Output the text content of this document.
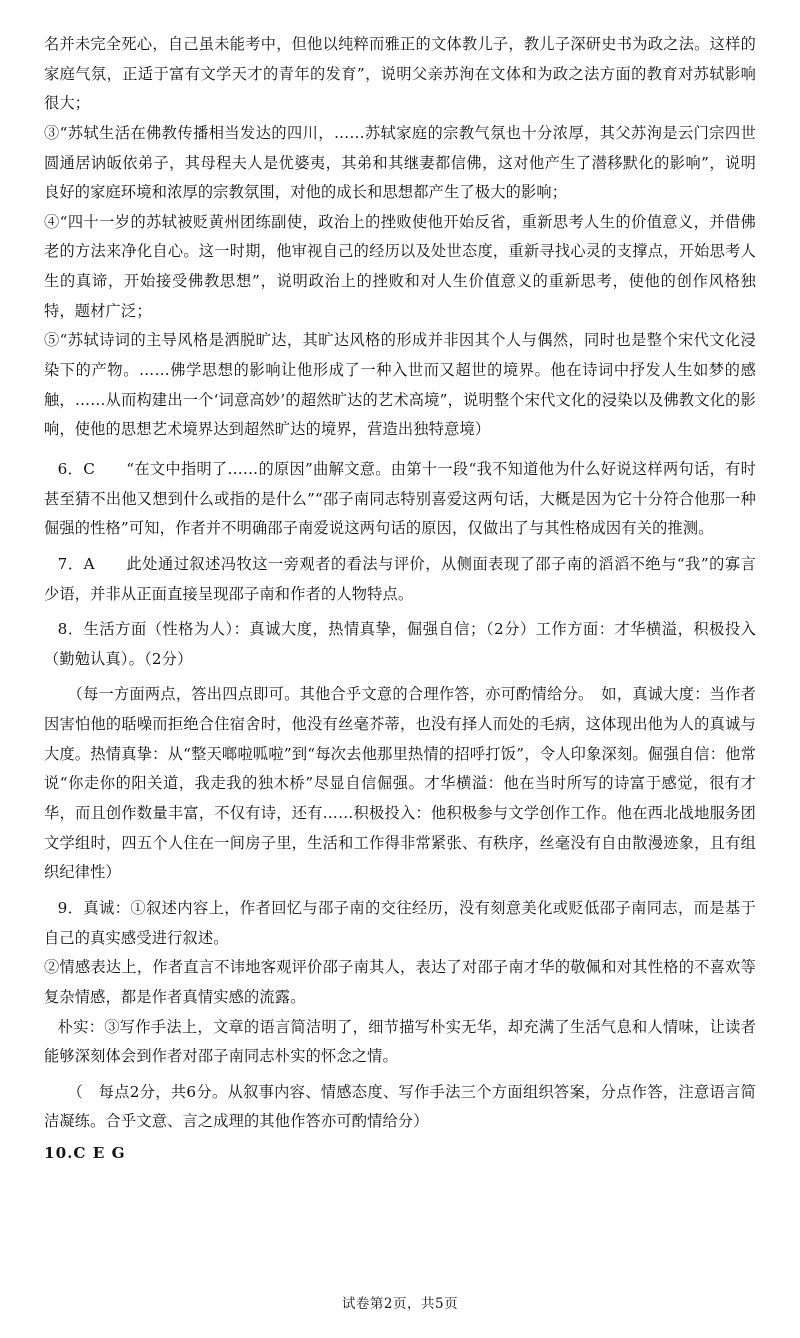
名并未完全死心，自己虽未能考中，但他以纯粹而雅正的文体教儿子，教儿子深研史书为政之法。这样的家庭气氛，正适于富有文学天才的青年的发育”，说明父亲苏洵在文体和为政之法方面的教育对苏轼影响很大；

③“苏轼生活在佛教传播相当发达的四川，……苏轼家庭的宗教气氛也十分浓厚，其父苏洵是云门宗四世圆通居讷皈依弟子，其母程夫人是优婆夷，其弟和其继妻都信佛，这对他产生了潜移默化的影响”，说明良好的家庭环境和浓厚的宗教氛围，对他的成长和思想都产生了极大的影响；

④“四十一岁的苏轼被贬黄州团练副使，政治上的挫败使他开始反省，重新思考人生的价值意义，并借佛老的方法来净化自心。这一时期，他审视自己的经历以及处世态度，重新寻找心灵的支撑点，开始思考人生的真谛，开始接受佛教思想”，说明政治上的挫败和对人生价值意义的重新思考，使他的创作风格独特，题材广泛；

⑤“苏轼诗词的主导风格是洒脱旷达，其旷达风格的形成并非因其个人与偶然，同时也是整个宋代文化浸染下的产物。……佛学思想的影响让他形成了一种入世而又超世的境界。他在诗词中抒发人生如梦的感触，……从而构建出一个‘词意高妙’的超然旷达的艺术高境”，说明整个宋代文化的浸染以及佛教文化的影响，使他的思想艺术境界达到超然旷达的境界，营造出独特意境）

6．C　　“在文中指明了……的原因”曲解文意。由第十一段“我不知道他为什么好说这样两句话，有时甚至猜不出他又想到什么或指的是什么”“邵子南同志特别喜爱这两句话，大概是因为它十分符合他那一种倔强的性格”可知，作者并不明确邵子南爱说这两句话的原因，仅做出了与其性格成因有关的推测。

7．A　　此处通过叙述冯牧这一旁观者的看法与评价，从侧面表现了邵子南的滔滔不绝与“我”的寡言少语，并非从正面直接呈现邵子南和作者的人物特点。

8．生活方面（性格为人）：真诚大度，热情真挚，倔强自信；（2分）工作方面：才华横溢，积极投入（勤勉认真）。（2分）

（每一方面两点，答出四点即可。其他合乎文意的合理作答，亦可酌情给分。　如，真诚大度：当作者因害怕他的聒噪而拒绝合住宿舍时，他没有丝毫芥蒂，也没有择人而处的毛病，这体现出他为人的真诚与大度。热情真挚：从“整天啷啦呱啦”到“每次去他那里热情的招呼打饭”，令人印象深刻。倔强自信：他常说“你走你的阳关道，我走我的独木桥”尽显自信倔强。才华横溢：他在当时所写的诗富于感觉，很有才华，而且创作数量丰富，不仅有诗，还有……积极投入：他积极参与文学创作工作。他在西北战地服务团文学组时，四五个人住在一间房子里，生活和工作得非常紧张、有秩序，丝毫没有自由散漫迹象，且有组织纪律性）

9．真诚：①叙述内容上，作者回忆与邵子南的交往经历，没有刻意美化或贬低邵子南同志，而是基于自己的真实感受进行叙述。

②情感表达上，作者直言不讳地客观评价邵子南其人，表达了对邵子南才华的敬佩和对其性格的不喜欢等复杂情感，都是作者真情实感的流露。

朴实：③写作手法上，文章的语言简洁明了，细节描写朴实无华，却充满了生活气息和人情味，让读者能够深刻体会到作者对邵子南同志朴实的怀念之情。

（　每点2分，共6分。从叙事内容、情感态度、写作手法三个方面组织答案，分点作答，注意语言简洁凝练。合乎文意、言之成理的其他作答亦可酌情给分）

10.C E G
试卷第2页，共5页
